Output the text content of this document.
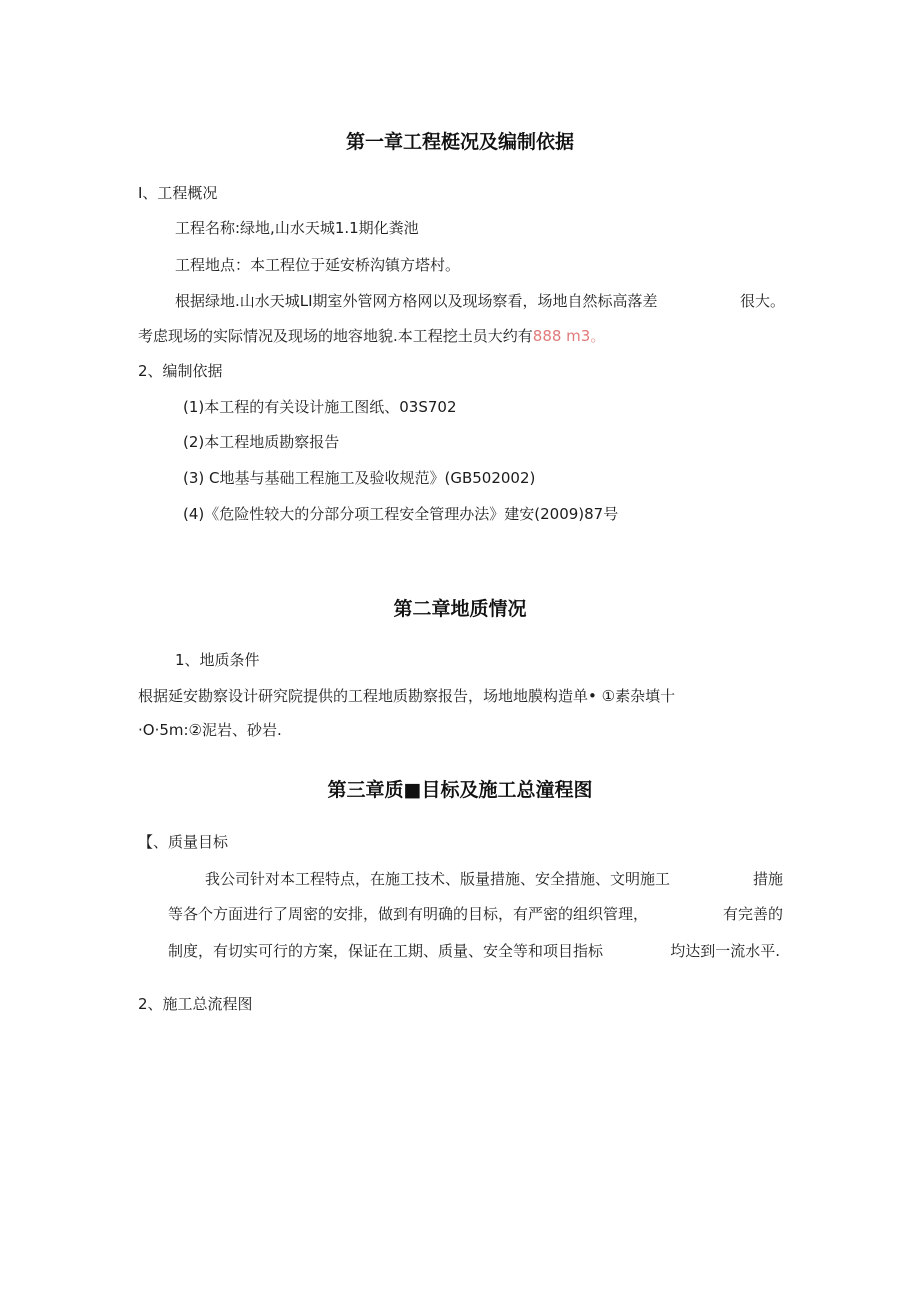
第一章工程梃况及编制依据
I、工程概况
工程名称:绿地,山水天城1.1期化粪池
工程地点：本工程位于延安桥沟镇方塔村。
根据绿地.山水天城LI期室外管网方格网以及现场察看，场地自然标高落差	很大。
考虑现场的实际情况及现场的地容地貌.本工程挖土员大约有888 m3。
2、编制依据
(1)本工程的有关设计施工图纸、03S702
(2)本工程地质勘察报告
(3) C地基与基础工程施工及验收规范》(GB502002)
(4)《危险性较大的分部分项工程安全管理办法》建安(2009)87号
第二章地质情况
1、地质条件
根据延安勘察设计研究院提供的工程地质勘察报告，场地地膜构造单• ①素杂填十
·O·5m:②泥岩、砂岩.
第三章质■目标及施工总潼程图
【、质量目标
我公司针对本工程特点，在施工技术、版量措施、安全措施、文明施工	措施
等各个方面进行了周密的安排，做到有明确的目标，有严密的组织管理，	有完善的
制度，有切实可行的方案，保证在工期、质量、安全等和项目指标	均达到一流水平.
2、施工总流程图
